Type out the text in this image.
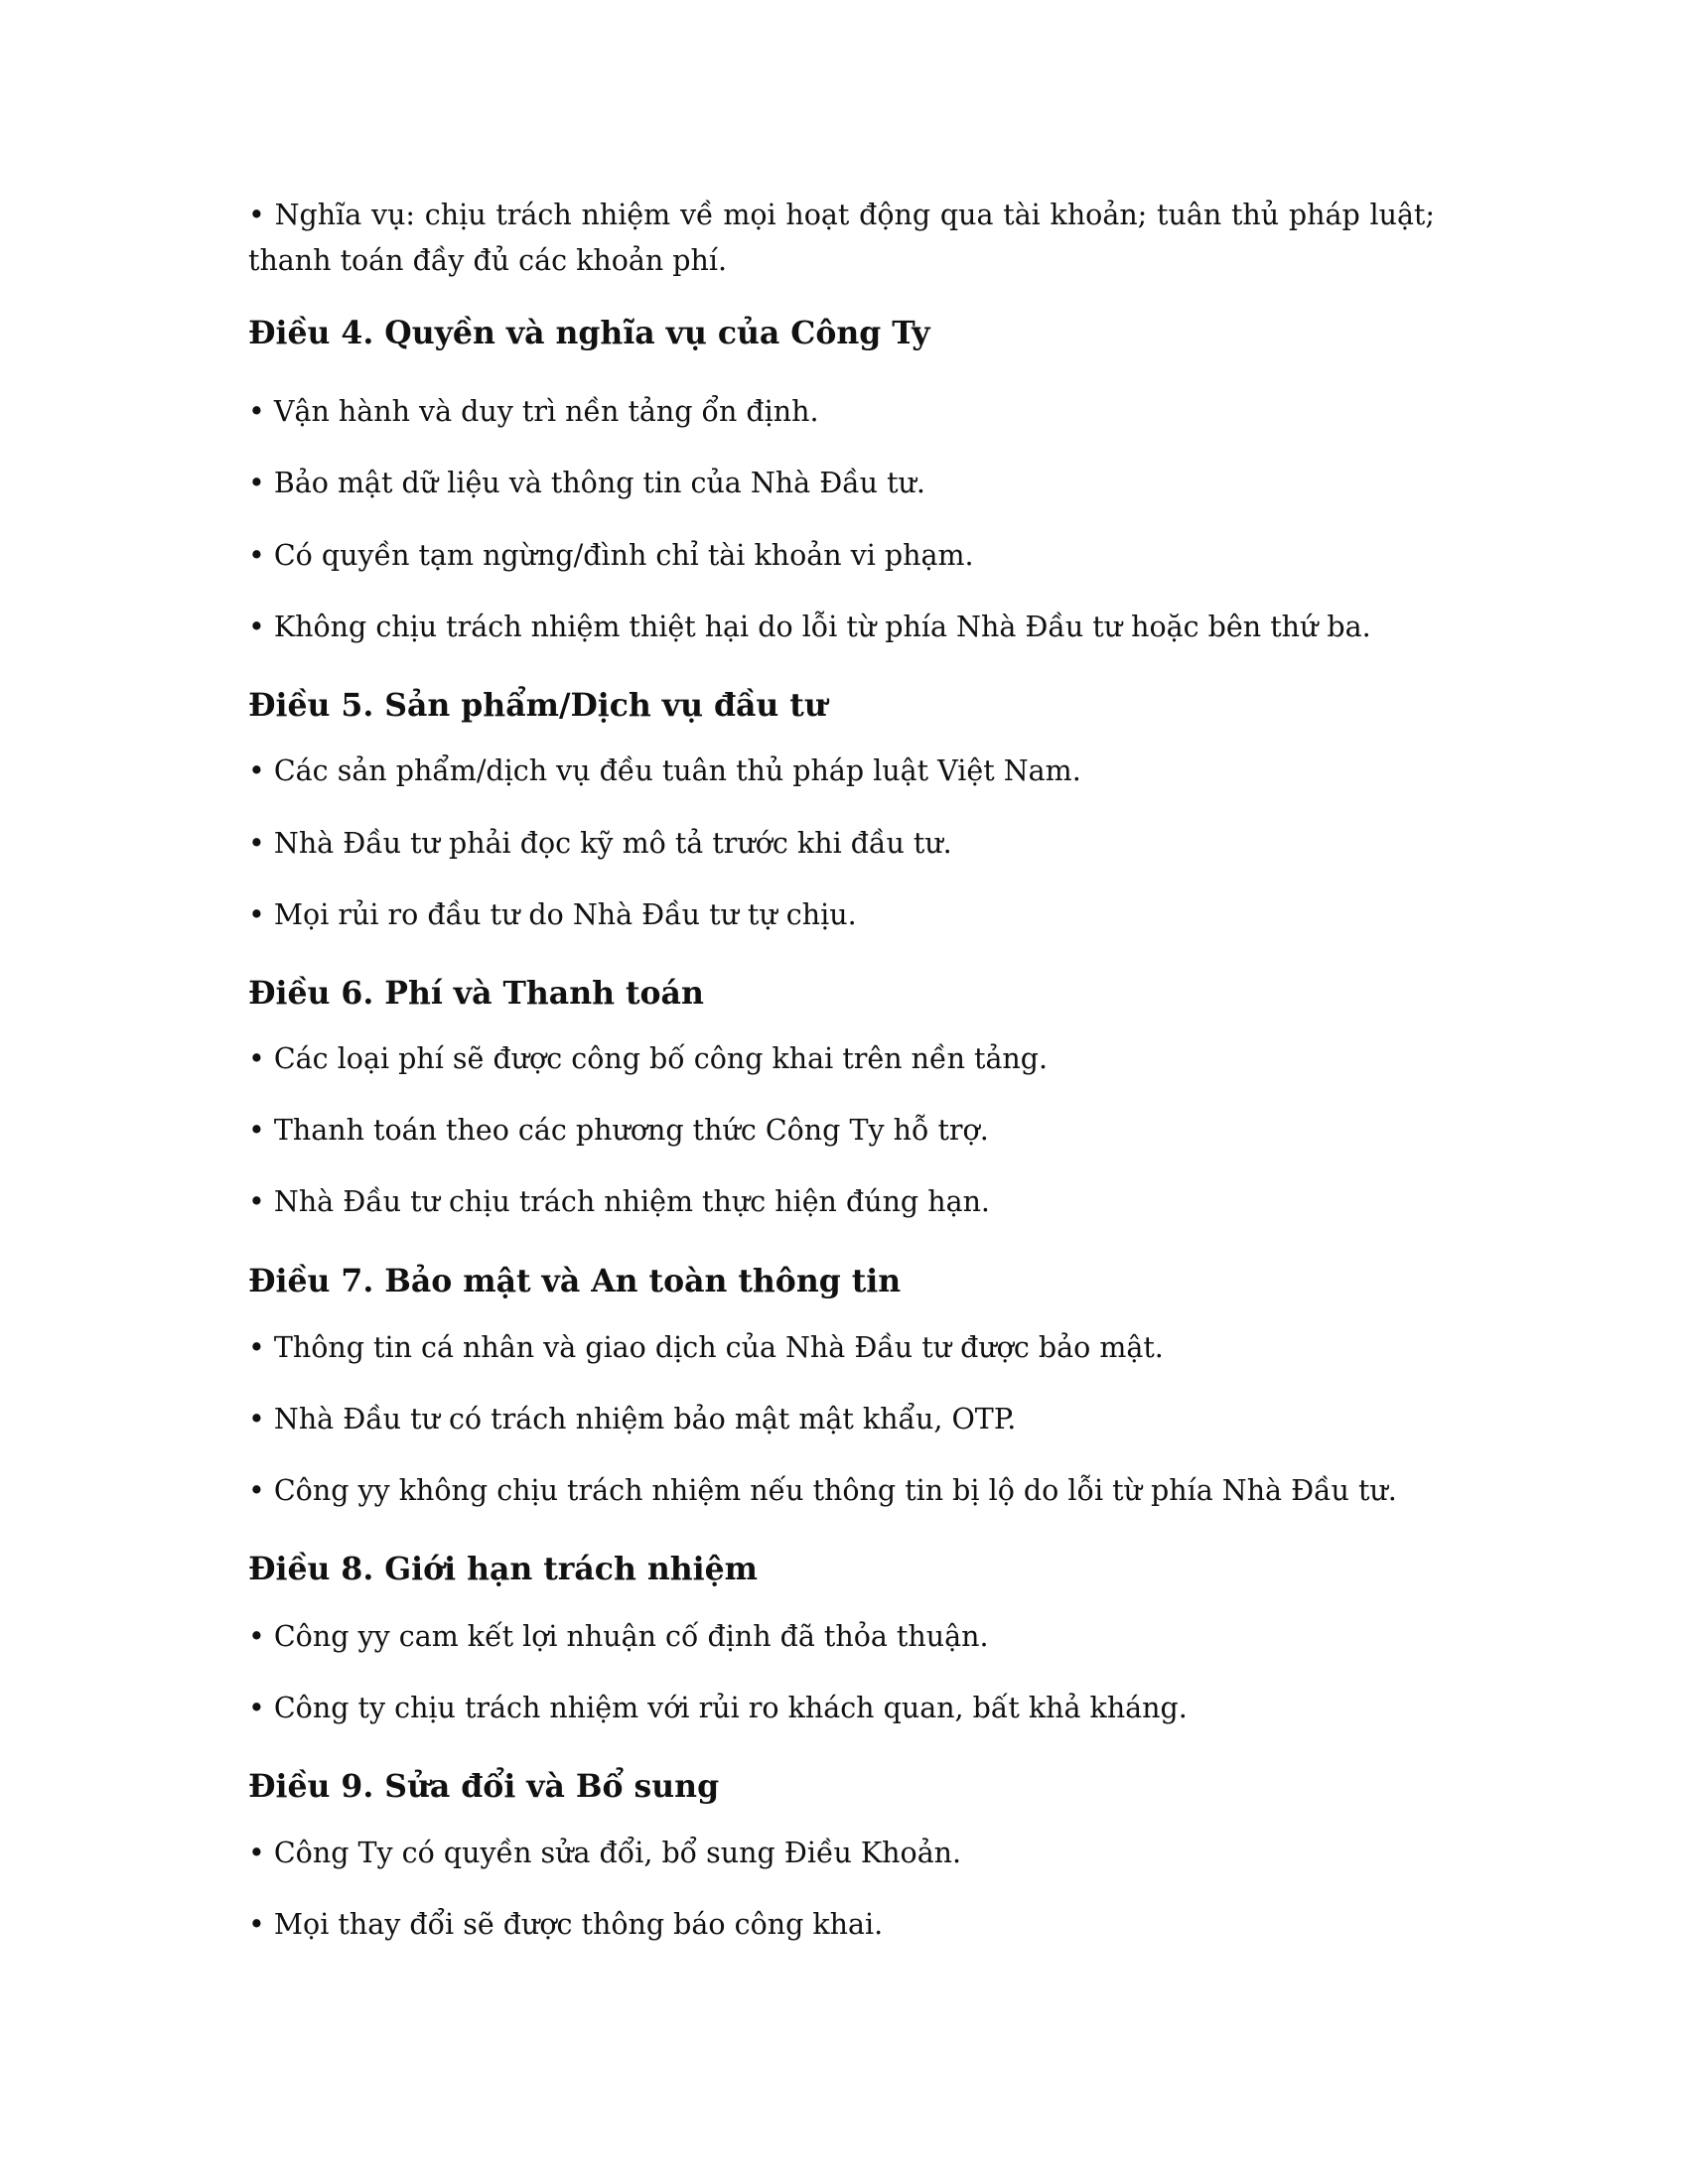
• Nghĩa vụ: chịu trách nhiệm về mọi hoạt động qua tài khoản; tuân thủ pháp luật;
thanh toán đầy đủ các khoản phí.
Điều 4. Quyền và nghĩa vụ của Công Ty
• Vận hành và duy trì nền tảng ổn định.
• Bảo mật dữ liệu và thông tin của Nhà Đầu tư.
• Có quyền tạm ngừng/đình chỉ tài khoản vi phạm.
• Không chịu trách nhiệm thiệt hại do lỗi từ phía Nhà Đầu tư hoặc bên thứ ba.
Điều 5. Sản phẩm/Dịch vụ đầu tư
• Các sản phẩm/dịch vụ đều tuân thủ pháp luật Việt Nam.
• Nhà Đầu tư phải đọc kỹ mô tả trước khi đầu tư.
• Mọi rủi ro đầu tư do Nhà Đầu tư tự chịu.
Điều 6. Phí và Thanh toán
• Các loại phí sẽ được công bố công khai trên nền tảng.
• Thanh toán theo các phương thức Công Ty hỗ trợ.
• Nhà Đầu tư chịu trách nhiệm thực hiện đúng hạn.
Điều 7. Bảo mật và An toàn thông tin
• Thông tin cá nhân và giao dịch của Nhà Đầu tư được bảo mật.
• Nhà Đầu tư có trách nhiệm bảo mật mật khẩu, OTP.
• Công yy không chịu trách nhiệm nếu thông tin bị lộ do lỗi từ phía Nhà Đầu tư.
Điều 8. Giới hạn trách nhiệm
• Công yy cam kết lợi nhuận cố định đã thỏa thuận.
• Công ty chịu trách nhiệm với rủi ro khách quan, bất khả kháng.
Điều 9. Sửa đổi và Bổ sung
• Công Ty có quyền sửa đổi, bổ sung Điều Khoản.
• Mọi thay đổi sẽ được thông báo công khai.
